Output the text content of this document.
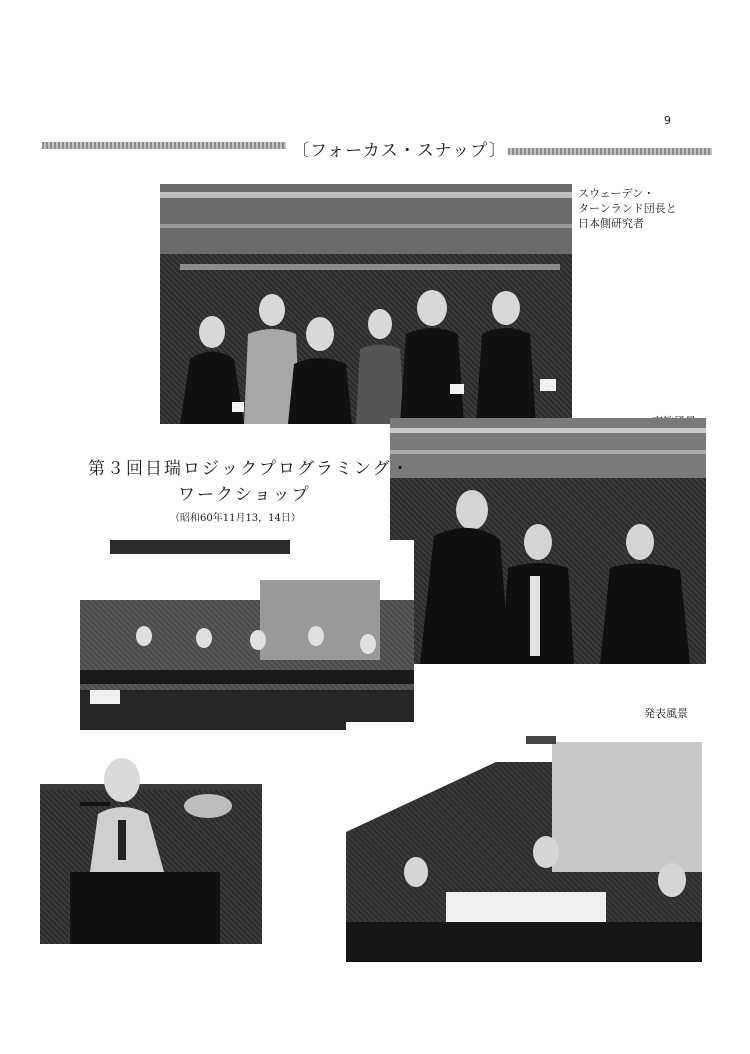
9
〔フォーカス・スナップ〕
スウェーデン・
ターンランド団長と
日本側研究者
第３回日瑞ロジックプログラミング・
ワークショップ
（昭和60年11月13，14日）
発表風景
